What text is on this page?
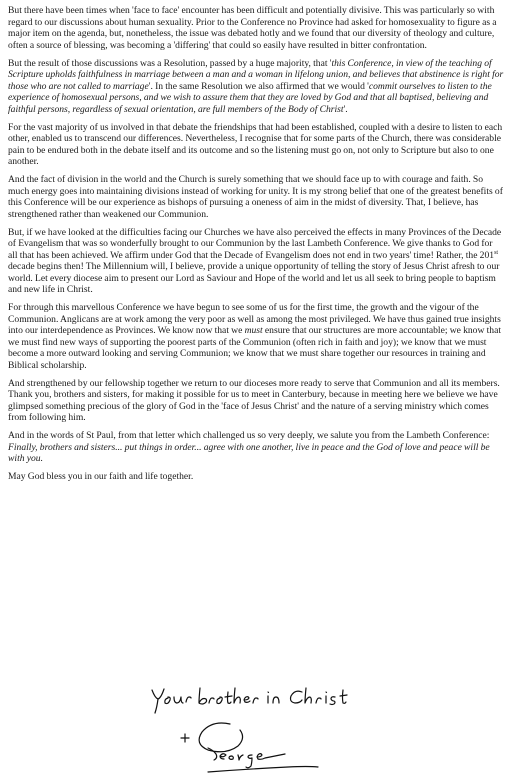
But there have been times when 'face to face' encounter has been difficult and potentially divisive. This was particularly so with regard to our discussions about human sexuality. Prior to the Conference no Province had asked for homosexuality to figure as a major item on the agenda, but, nonetheless, the issue was debated hotly and we found that our diversity of theology and culture, often a source of blessing, was becoming a 'differing' that could so easily have resulted in bitter confrontation.

But the result of those discussions was a Resolution, passed by a huge majority, that 'this Conference, in view of the teaching of Scripture upholds faithfulness in marriage between a man and a woman in lifelong union, and believes that abstinence is right for those who are not called to marriage'. In the same Resolution we also affirmed that we would 'commit ourselves to listen to the experience of homosexual persons, and we wish to assure them that they are loved by God and that all baptised, believing and faithful persons, regardless of sexual orientation, are full members of the Body of Christ'.

For the vast majority of us involved in that debate the friendships that had been established, coupled with a desire to listen to each other, enabled us to transcend our differences. Nevertheless, I recognise that for some parts of the Church, there was considerable pain to be endured both in the debate itself and its outcome and so the listening must go on, not only to Scripture but also to one another.

And the fact of division in the world and the Church is surely something that we should face up to with courage and faith. So much energy goes into maintaining divisions instead of working for unity. It is my strong belief that one of the greatest benefits of this Conference will be our experience as bishops of pursuing a oneness of aim in the midst of diversity. That, I believe, has strengthened rather than weakened our Communion.

But, if we have looked at the difficulties facing our Churches we have also perceived the effects in many Provinces of the Decade of Evangelism that was so wonderfully brought to our Communion by the last Lambeth Conference. We give thanks to God for all that has been achieved. We affirm under God that the Decade of Evangelism does not end in two years' time! Rather, the 201st decade begins then! The Millennium will, I believe, provide a unique opportunity of telling the story of Jesus Christ afresh to our world. Let every diocese aim to present our Lord as Saviour and Hope of the world and let us all seek to bring people to baptism and new life in Christ.

For through this marvellous Conference we have begun to see some of us for the first time, the growth and the vigour of the Communion. Anglicans are at work among the very poor as well as among the most privileged. We have thus gained true insights into our interdependence as Provinces. We know now that we must ensure that our structures are more accountable; we know that we must find new ways of supporting the poorest parts of the Communion (often rich in faith and joy); we know that we must become a more outward looking and serving Communion; we know that we must share together our resources in training and Biblical scholarship.

And strengthened by our fellowship together we return to our dioceses more ready to serve that Communion and all its members. Thank you, brothers and sisters, for making it possible for us to meet in Canterbury, because in meeting here we believe we have glimpsed something precious of the glory of God in the 'face of Jesus Christ' and the nature of a serving ministry which comes from following him.

And in the words of St Paul, from that letter which challenged us so very deeply, we salute you from the Lambeth Conference: Finally, brothers and sisters... put things in order... agree with one another, live in peace and the God of love and peace will be with you.

May God bless you in our faith and life together.
